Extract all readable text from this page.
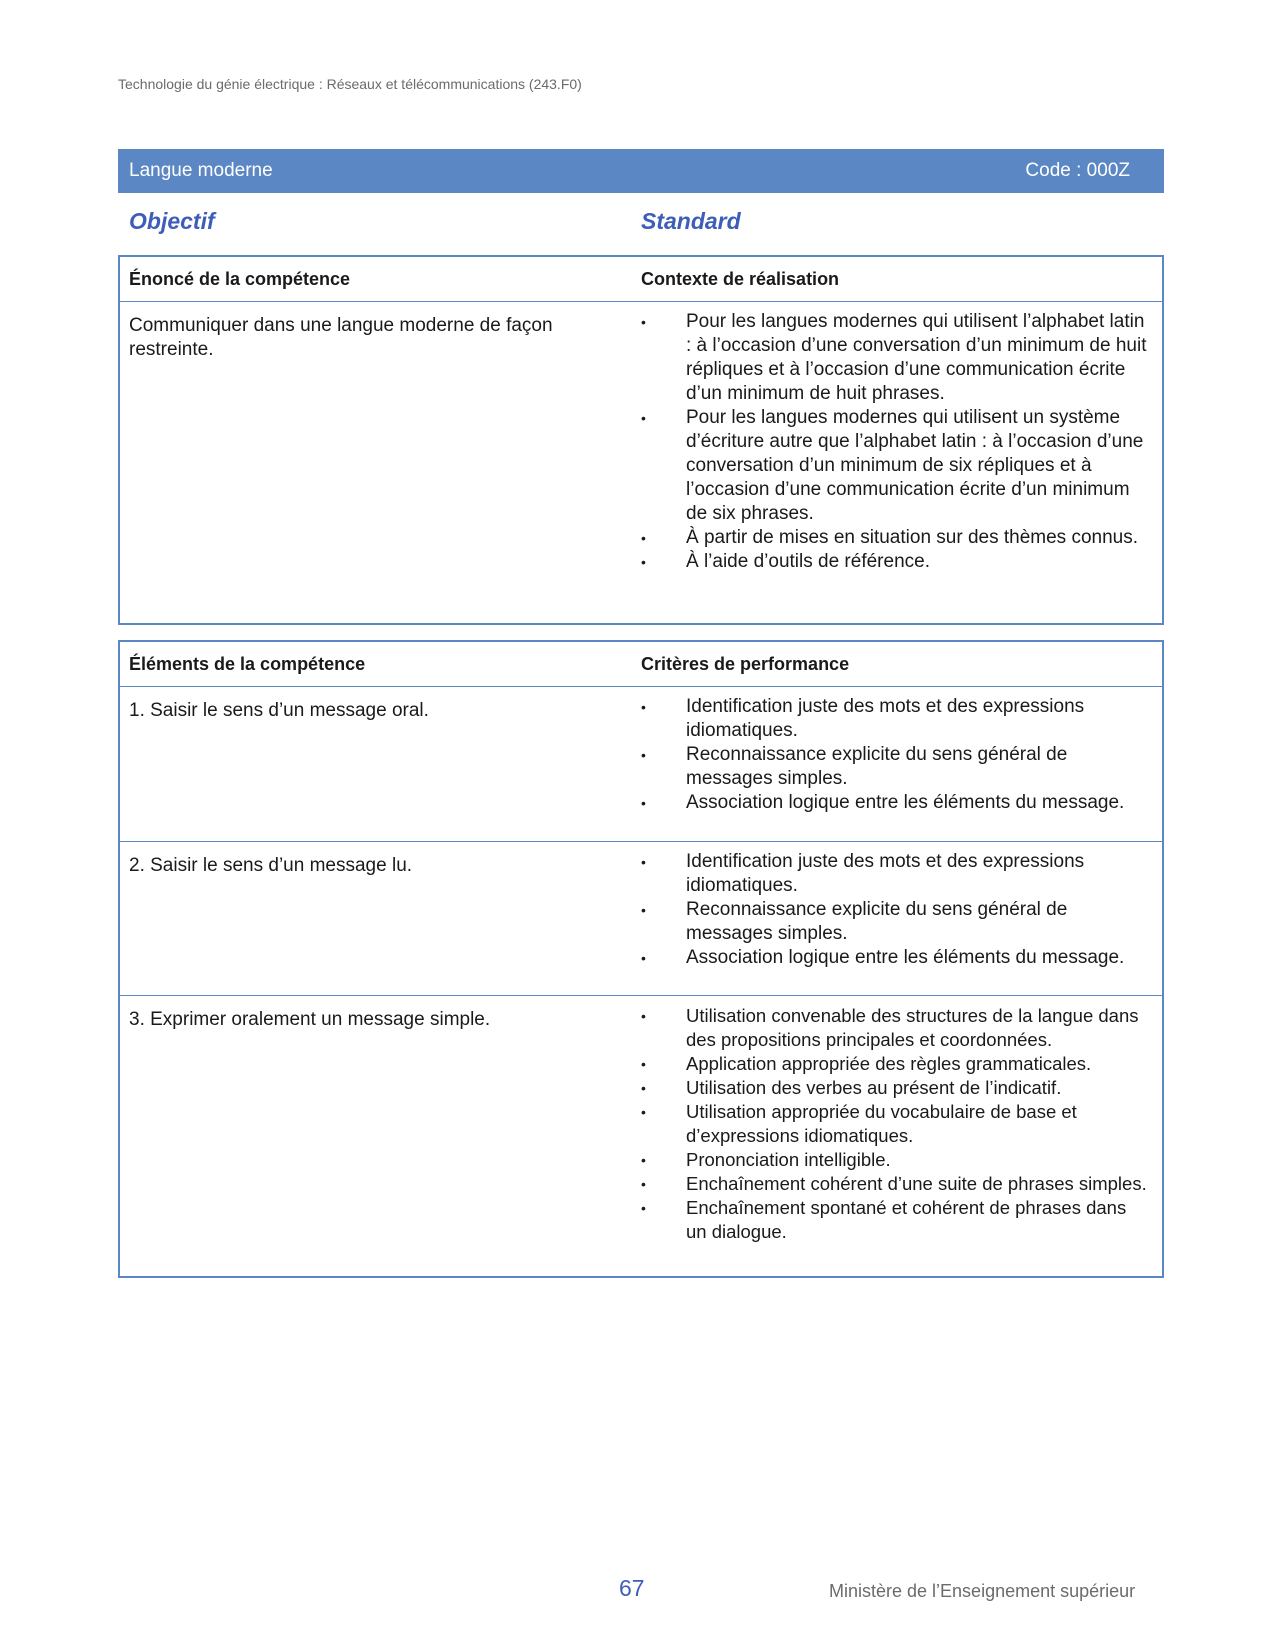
Technologie du génie électrique : Réseaux et télécommunications (243.F0)
Langue moderne	Code : 000Z
Objectif	Standard
Énoncé de la compétence	Contexte de réalisation
Communiquer dans une langue moderne de façon restreinte.
•	Pour les langues modernes qui utilisent l’alphabet latin : à l’occasion d’une conversation d’un minimum de huit répliques et à l’occasion d’une communication écrite d’un minimum de huit phrases.
•	Pour les langues modernes qui utilisent un système d’écriture autre que l’alphabet latin : à l’occasion d’une conversation d’un minimum de six répliques et à l’occasion d’une communication écrite d’un minimum de six phrases.
•	À partir de mises en situation sur des thèmes connus.
•	À l’aide d’outils de référence.
Éléments de la compétence	Critères de performance
1. Saisir le sens d’un message oral.	•	Identification juste des mots et des expressions idiomatiques.
•	Reconnaissance explicite du sens général de messages simples.
•	Association logique entre les éléments du message.
2. Saisir le sens d’un message lu.	•	Identification juste des mots et des expressions idiomatiques.
•	Reconnaissance explicite du sens général de messages simples.
•	Association logique entre les éléments du message.
3. Exprimer oralement un message simple.	•	Utilisation convenable des structures de la langue dans des propositions principales et coordonnées.
•	Application appropriée des règles grammaticales.
•	Utilisation des verbes au présent de l’indicatif.
•	Utilisation appropriée du vocabulaire de base et d’expressions idiomatiques.
•	Prononciation intelligible.
•	Enchaînement cohérent d’une suite de phrases simples.
•	Enchaînement spontané et cohérent de phrases dans un dialogue.
67	Ministère de l’Enseignement supérieur
